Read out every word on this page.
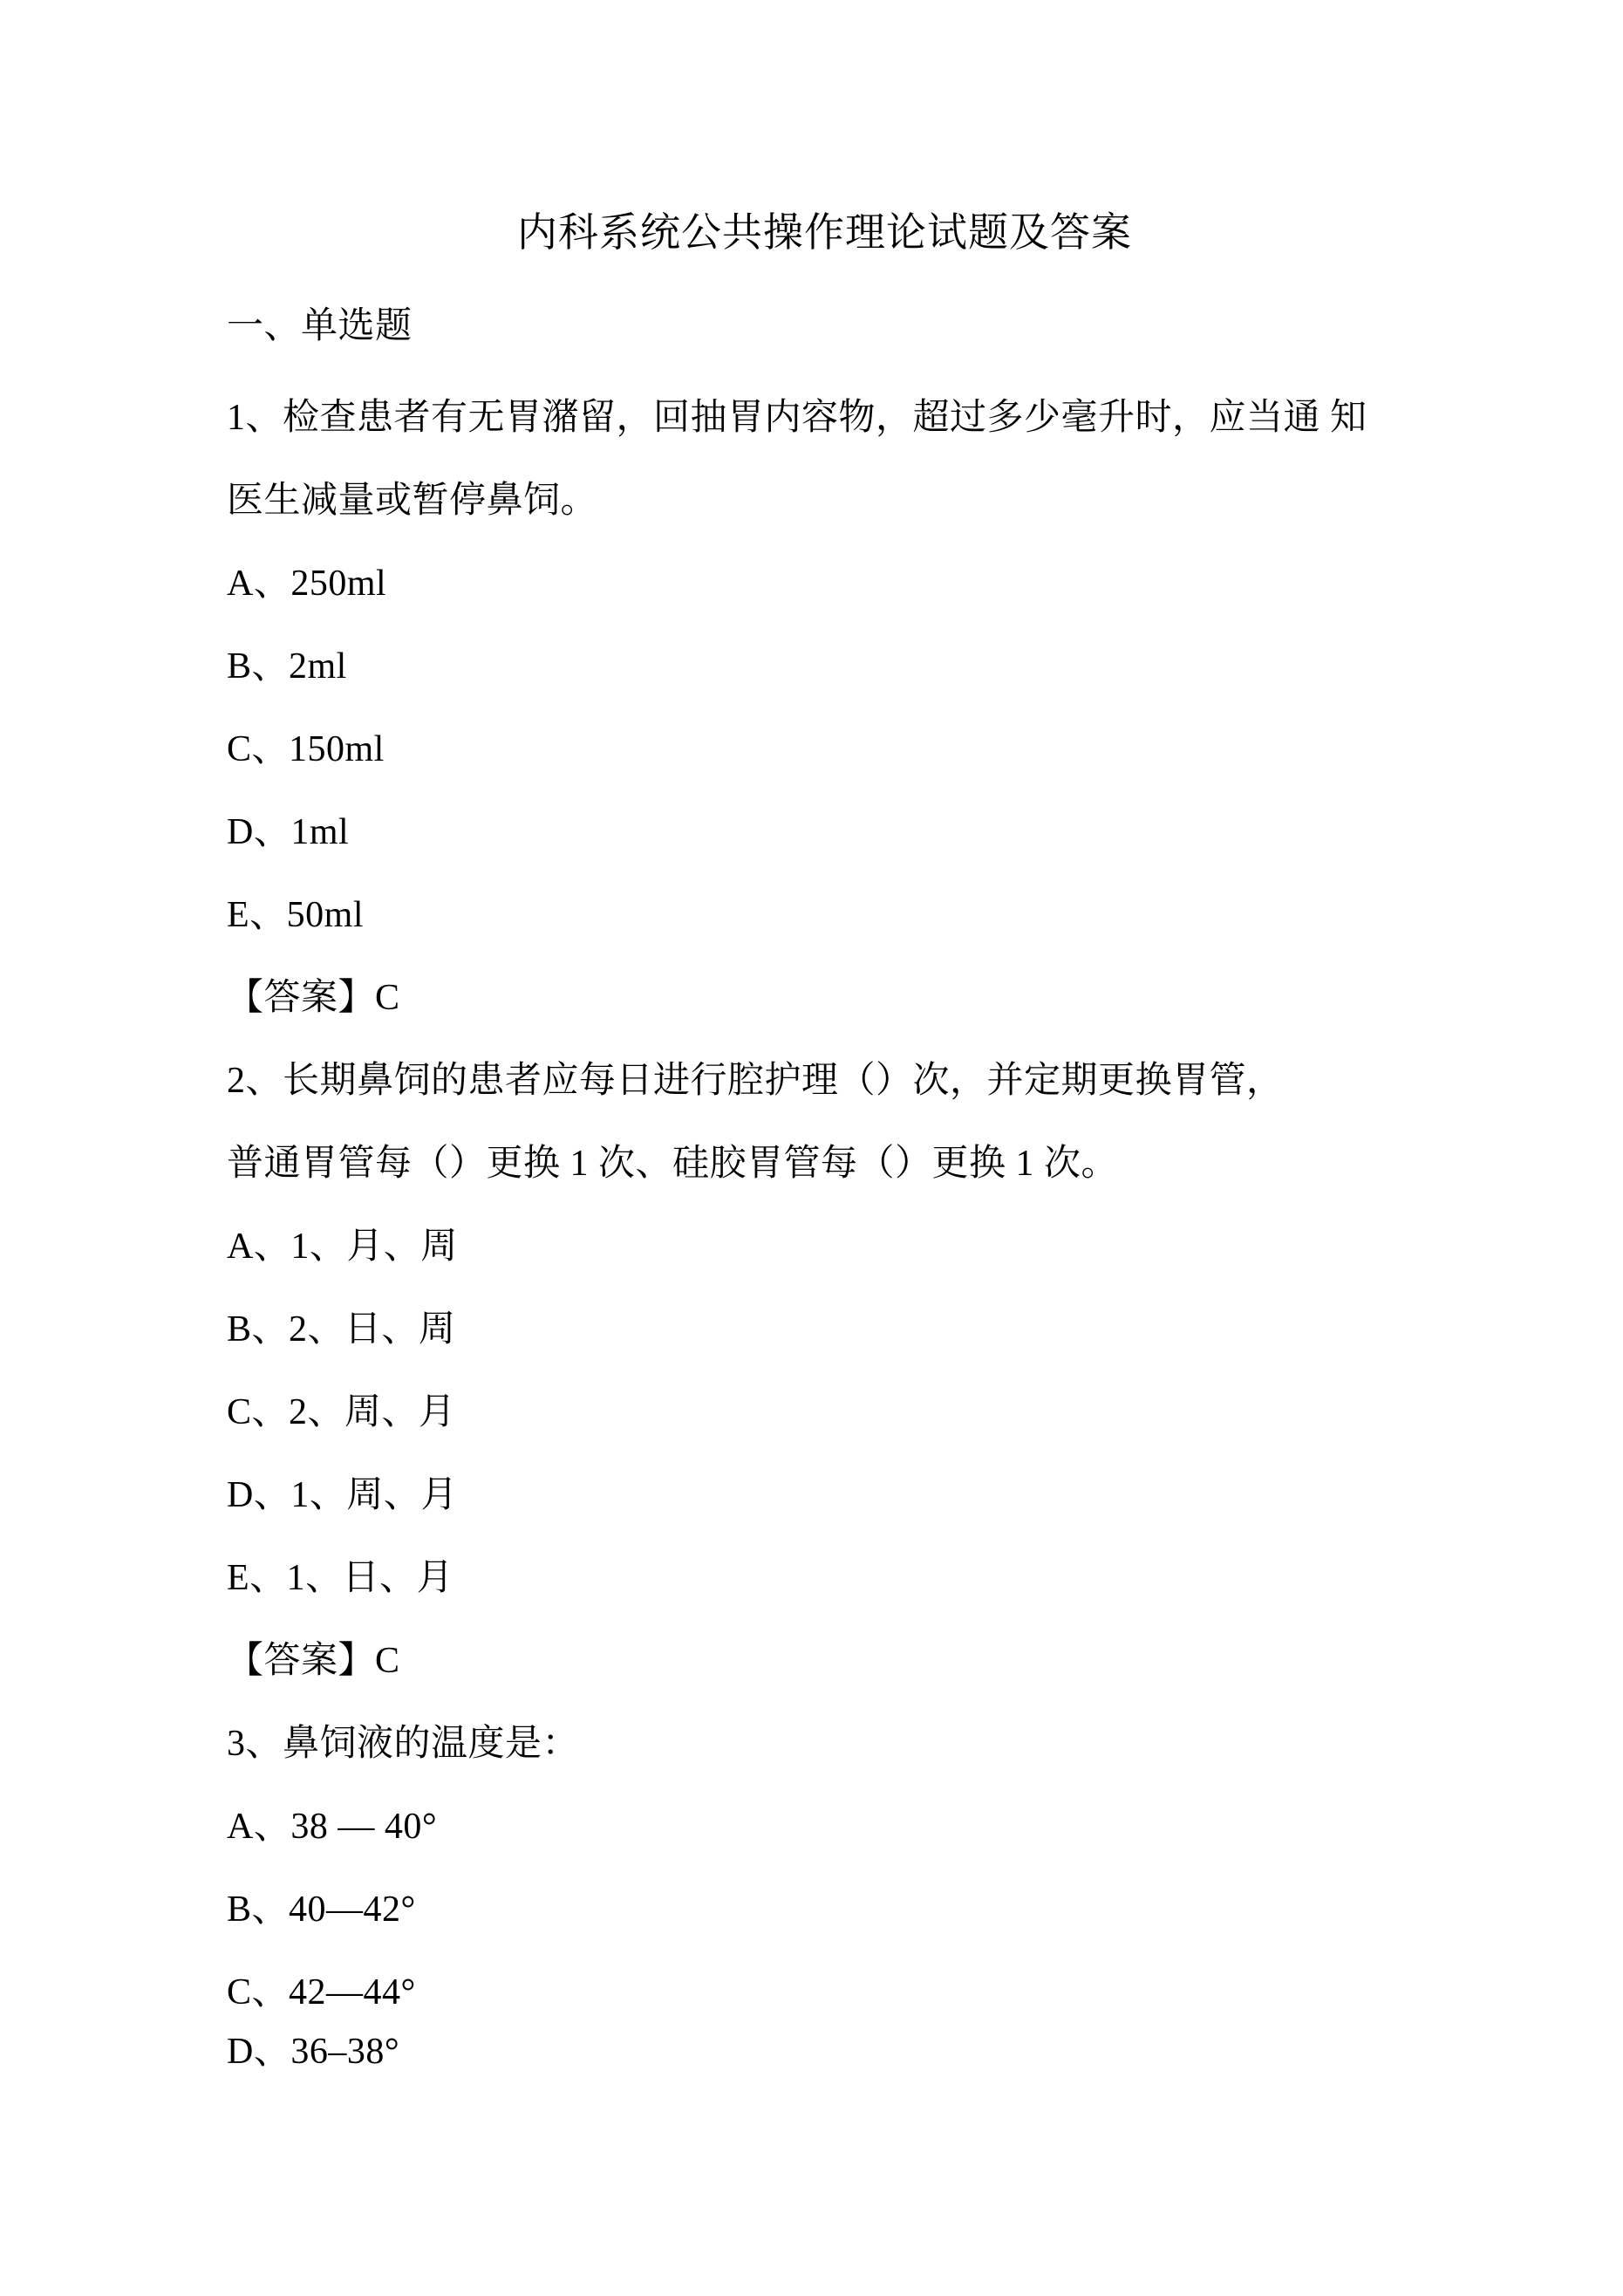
内科系统公共操作理论试题及答案
一、单选题
1、检查患者有无胃潴留，回抽胃内容物，超过多少毫升时，应当通 知
医生减量或暂停鼻饲。
A、250ml
B、2ml
C、150ml
D、1ml
E、50ml
【答案】C
2、长期鼻饲的患者应每日进行腔护理（）次，并定期更换胃管，
普通胃管每（）更换 1 次、硅胶胃管每（）更换 1 次。
A、1、月、周
B、2、日、周
C、2、周、月
D、1、周、月
E、1、日、月
【答案】C
3、鼻饲液的温度是：
A、38 — 40°
B、40—42°
C、42—44°
D、36–38°
